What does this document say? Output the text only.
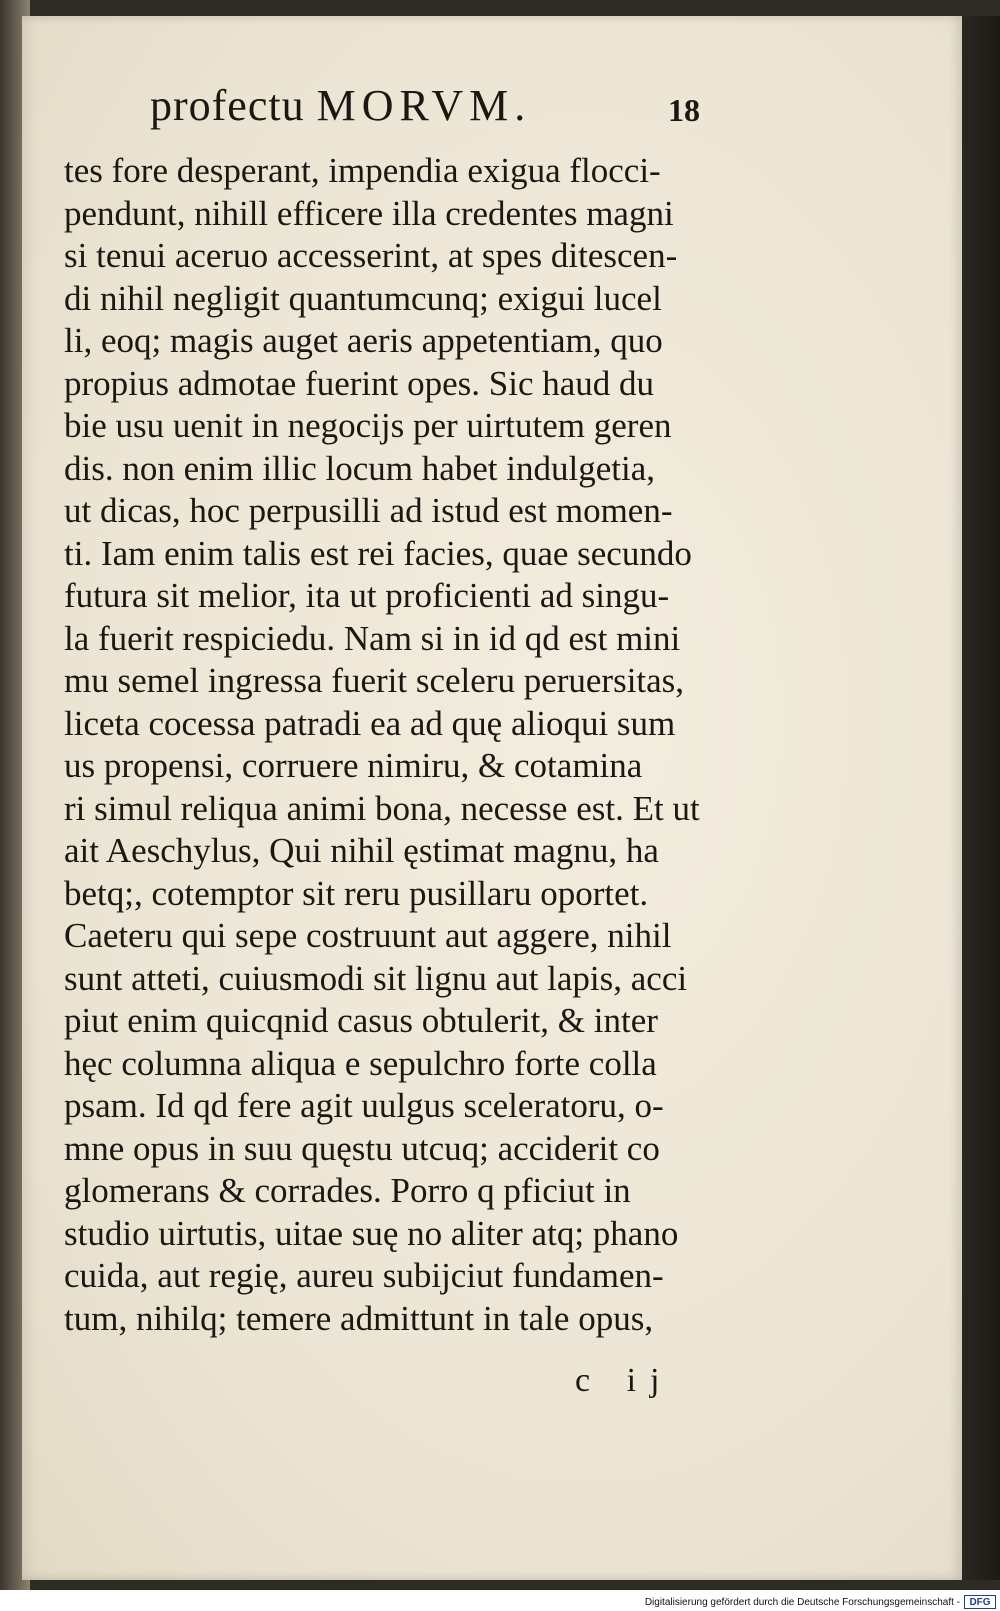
profectu MORVM.	18
tes fore desperant, impendia exigua flocci-
pendunt, nihill efficere illa credentes magni
si tenui aceruo accesserint, at spes ditescen-
di nihil negligit quantumcunq; exigui lucel
li, eoq; magis auget aeris appetentiam, quo
propius admotae fuerint opes. Sic haud du
bie usu uenit in negocijs per uirtutem geren
dis. non enim illic locum habet indulgetia,
ut dicas, hoc perpusilli ad istud est momen-
ti. Iam enim talis est rei facies, quae secundo
futura sit melior, ita ut proficienti ad singu-
la fuerit respiciedu. Nam si in id qd est mini
mu semel ingressa fuerit sceleru peruersitas,
liceta cocessa patradi ea ad quę alioqui sum
us propensi, corruere nimiru, & cotamina
ri simul reliqua animi bona, necesse est. Et ut
ait Aeschylus, Qui nihil ęstimat magnu, ha
betq;, cotemptor sit reru pusillaru oportet.
Caeteru qui sepe costruunt aut aggere, nihil
sunt atteti, cuiusmodi sit lignu aut lapis, acci
piut enim quicqnid casus obtulerit, & inter
hęc columna aliqua e sepulchro forte colla
psam. Id qd fere agit uulgus sceleratoru, o-
mne opus in suu quęstu utcuq; acciderit co
glomerans & corrades. Porro q pficiut in
studio uirtutis, uitae suę no aliter atq; phano
cuida, aut regię, aureu subijciut fundamen-
tum, nihilq; temere admittunt in tale opus,
c ij
Digitalisierung gefördert durch die Deutsche Forschungsgemeinschaft - DFG
